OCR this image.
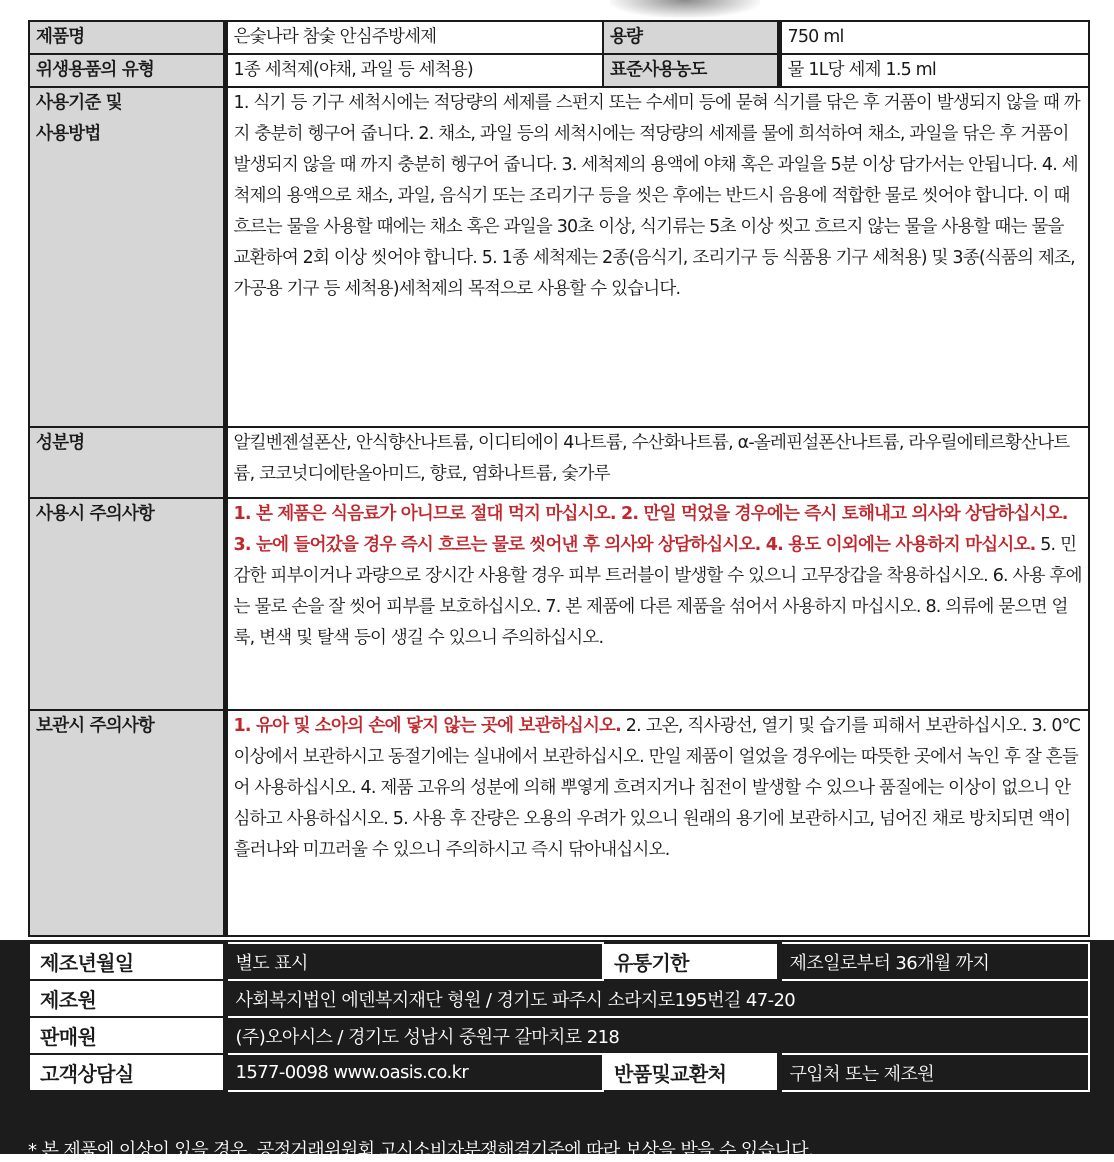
제품명	은숯나라 참숯 안심주방세제	용량	750 ml
위생용품의 유형	1종 세척제(야채, 과일 등 세척용)	표준사용농도	물 1L당 세제 1.5 ml

사용기준 및
사용방법	1. 식기 등 기구 세척시에는 적당량의 세제를 스펀지 또는 수세미 등에 묻혀 식기를 닦은 후 거품이 발생되지 않을 때 까지 충분히 헹구어 줍니다. 2. 채소, 과일 등의 세척시에는 적당량의 세제를 물에 희석하여 채소, 과일을 닦은 후 거품이 발생되지 않을 때 까지 충분히 헹구어 줍니다. 3. 세척제의 용액에 야채 혹은 과일을 5분 이상 담가서는 안됩니다. 4. 세척제의 용액으로 채소, 과일, 음식기 또는 조리기구 등을 씻은 후에는 반드시 음용에 적합한 물로 씻어야 합니다. 이 때 흐르는 물을 사용할 때에는 채소 혹은 과일을 30초 이상, 식기류는 5초 이상 씻고 흐르지 않는 물을 사용할 때는 물을 교환하여 2회 이상 씻어야 합니다. 5. 1종 세척제는 2종(음식기, 조리기구 등 식품용 기구 세척용) 및 3종(식품의 제조, 가공용 기구 등 세척용)세척제의 목적으로 사용할 수 있습니다.		
성분명	알킬벤젠설폰산, 안식향산나트륨, 이디티에이 4나트륨, 수산화나트륨, α-올레핀설폰산나트륨, 라우릴에테르황산나트륨, 코코넛디에탄올아미드, 향료, 염화나트륨, 숯가루		
사용시 주의사항	1. 본 제품은 식음료가 아니므로 절대 먹지 마십시오. 2. 만일 먹었을 경우에는 즉시 토해내고 의사와 상담하십시오. 3. 눈에 들어갔을 경우 즉시 흐르는 물로 씻어낸 후 의사와 상담하십시오. 4. 용도 이외에는 사용하지 마십시오. 5. 민감한 피부이거나 과량으로 장시간 사용할 경우 피부 트러블이 발생할 수 있으니 고무장갑을 착용하십시오. 6. 사용 후에는 물로 손을 잘 씻어 피부를 보호하십시오. 7. 본 제품에 다른 제품을 섞어서 사용하지 마십시오. 8. 의류에 묻으면 얼룩, 변색 및 탈색 등이 생길 수 있으니 주의하십시오.		
보관시 주의사항	1. 유아 및 소아의 손에 닿지 않는 곳에 보관하십시오. 2. 고온, 직사광선, 열기 및 습기를 피해서 보관하십시오. 3. 0℃이상에서 보관하시고 동절기에는 실내에서 보관하십시오. 만일 제품이 얼었을 경우에는 따뜻한 곳에서 녹인 후 잘 흔들어 사용하십시오. 4. 제품 고유의 성분에 의해 뿌옇게 흐려지거나 침전이 발생할 수 있으나 품질에는 이상이 없으니 안심하고 사용하십시오. 5. 사용 후 잔량은 오용의 우려가 있으니 원래의 용기에 보관하시고, 넘어진 채로 방치되면 액이 흘러나와 미끄러울 수 있으니 주의하시고 즉시 닦아내십시오.		
제조년월일	별도 표시	유통기한	제조일로부터 36개월 까지
제조원	사회복지법인 에덴복지재단 형원 / 경기도 파주시 소라지로195번길 47-20		
판매원	(주)오아시스 / 경기도 성남시 중원구 갈마치로 218		
고객상담실	1577-0098 www.oasis.co.kr	반품및교환처	구입처 또는 제조원
* 본 제품에 이상이 있을 경우, 공정거래위원회 고시소비자분쟁해결기준에 따라 보상을 받을 수 있습니다.
